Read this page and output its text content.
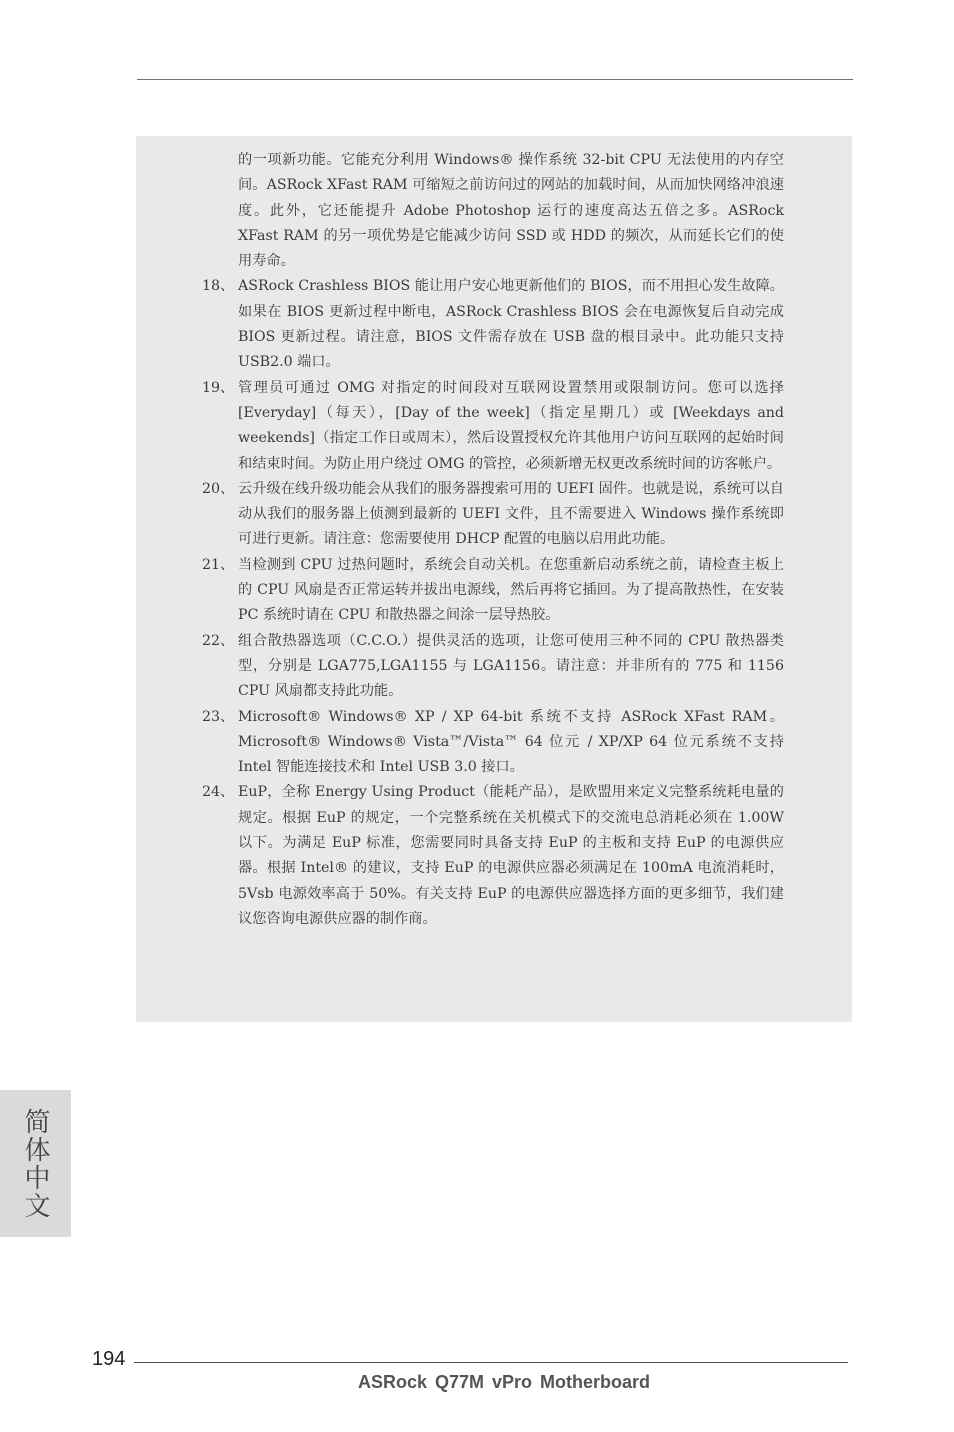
的一项新功能。它能充分利用 Windows® 操作系统 32-bit CPU 无法使用的内存空间。ASRock XFast RAM 可缩短之前访问过的网站的加载时间，从而加快网络冲浪速度。此外，它还能提升 Adobe Photoshop 运行的速度高达五倍之多。ASRock XFast RAM 的另一项优势是它能减少访问 SSD 或 HDD 的频次，从而延长它们的使用寿命。
18、 ASRock Crashless BIOS 能让用户安心地更新他们的 BIOS，而不用担心发生故障。如果在 BIOS 更新过程中断电，ASRock Crashless BIOS 会在电源恢复后自动完成 BIOS 更新过程。请注意，BIOS 文件需存放在 USB 盘的根目录中。此功能只支持 USB2.0 端口。
19、 管理员可通过 OMG 对指定的时间段对互联网设置禁用或限制访问。您可以选择 [Everyday]（每天），[Day of the week]（指定星期几）或 [Weekdays and weekends]（指定工作日或周末），然后设置授权允许其他用户访问互联网的起始时间和结束时间。为防止用户绕过 OMG 的管控，必须新增无权更改系统时间的访客帐户。
20、 云升级在线升级功能会从我们的服务器搜索可用的 UEFI 固件。也就是说，系统可以自动从我们的服务器上侦测到最新的 UEFI 文件，且不需要进入 Windows 操作系统即可进行更新。请注意：您需要使用 DHCP 配置的电脑以启用此功能。
21、 当检测到 CPU 过热问题时，系统会自动关机。在您重新启动系统之前，请检查主板上的 CPU 风扇是否正常运转并拔出电源线，然后再将它插回。为了提高散热性，在安装 PC 系统时请在 CPU 和散热器之间涂一层导热胶。
22、 组合散热器选项（C.C.O.）提供灵活的选项，让您可使用三种不同的 CPU 散热器类型，分别是 LGA775,LGA1155 与 LGA1156。请注意：并非所有的 775 和 1156 CPU 风扇都支持此功能。
23、 Microsoft® Windows® XP / XP 64-bit 系统不支持 ASRock XFast RAM。Microsoft® Windows® Vista™/Vista™ 64 位元 / XP/XP 64 位元系统不支持 Intel 智能连接技术和 Intel USB 3.0 接口。
24、 EuP，全称 Energy Using Product（能耗产品），是欧盟用来定义完整系统耗电量的规定。根据 EuP 的规定，一个完整系统在关机模式下的交流电总消耗必须在 1.00W 以下。为满足 EuP 标准，您需要同时具备支持 EuP 的主板和支持 EuP 的电源供应器。根据 Intel® 的建议，支持 EuP 的电源供应器必须满足在 100mA 电流消耗时，5Vsb 电源效率高于 50%。有关支持 EuP 的电源供应器选择方面的更多细节，我们建议您咨询电源供应器的制作商。
简体中文
194
ASRock Q77M vPro Motherboard
